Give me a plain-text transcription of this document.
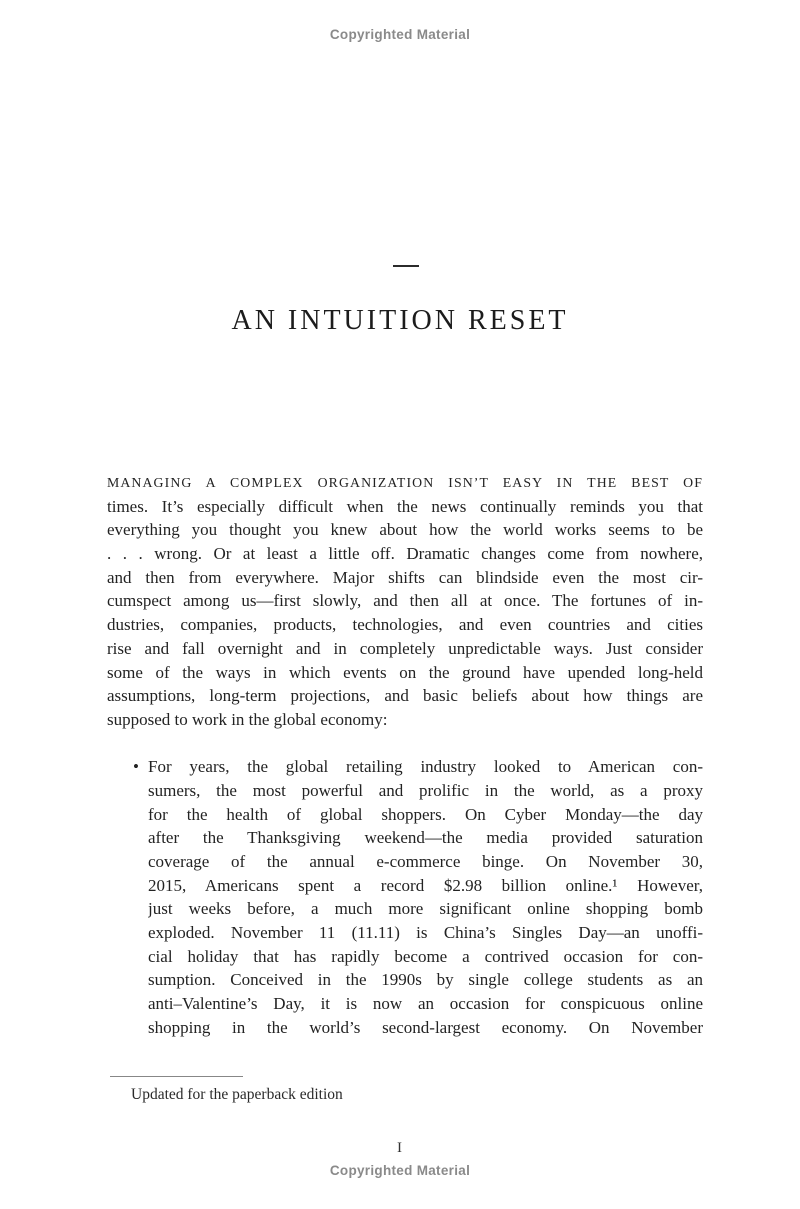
Copyrighted Material
AN INTUITION RESET
MANAGING A COMPLEX ORGANIZATION ISN’T EASY IN THE BEST OF
times. It’s especially difficult when the news continually reminds you that
everything you thought you knew about how the world works seems to be
. . . wrong. Or at least a little off. Dramatic changes come from nowhere,
and then from everywhere. Major shifts can blindside even the most cir-
cumspect among us—first slowly, and then all at once. The fortunes of in-
dustries, companies, products, technologies, and even countries and cities
rise and fall overnight and in completely unpredictable ways. Just consider
some of the ways in which events on the ground have upended long-held
assumptions, long-term projections, and basic beliefs about how things are
supposed to work in the global economy:
• For years, the global retailing industry looked to American con-
sumers, the most powerful and prolific in the world, as a proxy
for the health of global shoppers. On Cyber Monday—the day
after the Thanksgiving weekend—the media provided saturation
coverage of the annual e-commerce binge. On November 30,
2015, Americans spent a record $2.98 billion online.¹ However,
just weeks before, a much more significant online shopping bomb
exploded. November 11 (11.11) is China’s Singles Day—an unoffi-
cial holiday that has rapidly become a contrived occasion for con-
sumption. Conceived in the 1990s by single college students as an
anti–Valentine’s Day, it is now an occasion for conspicuous online
shopping in the world’s second-largest economy. On November
Updated for the paperback edition
I
Copyrighted Material
